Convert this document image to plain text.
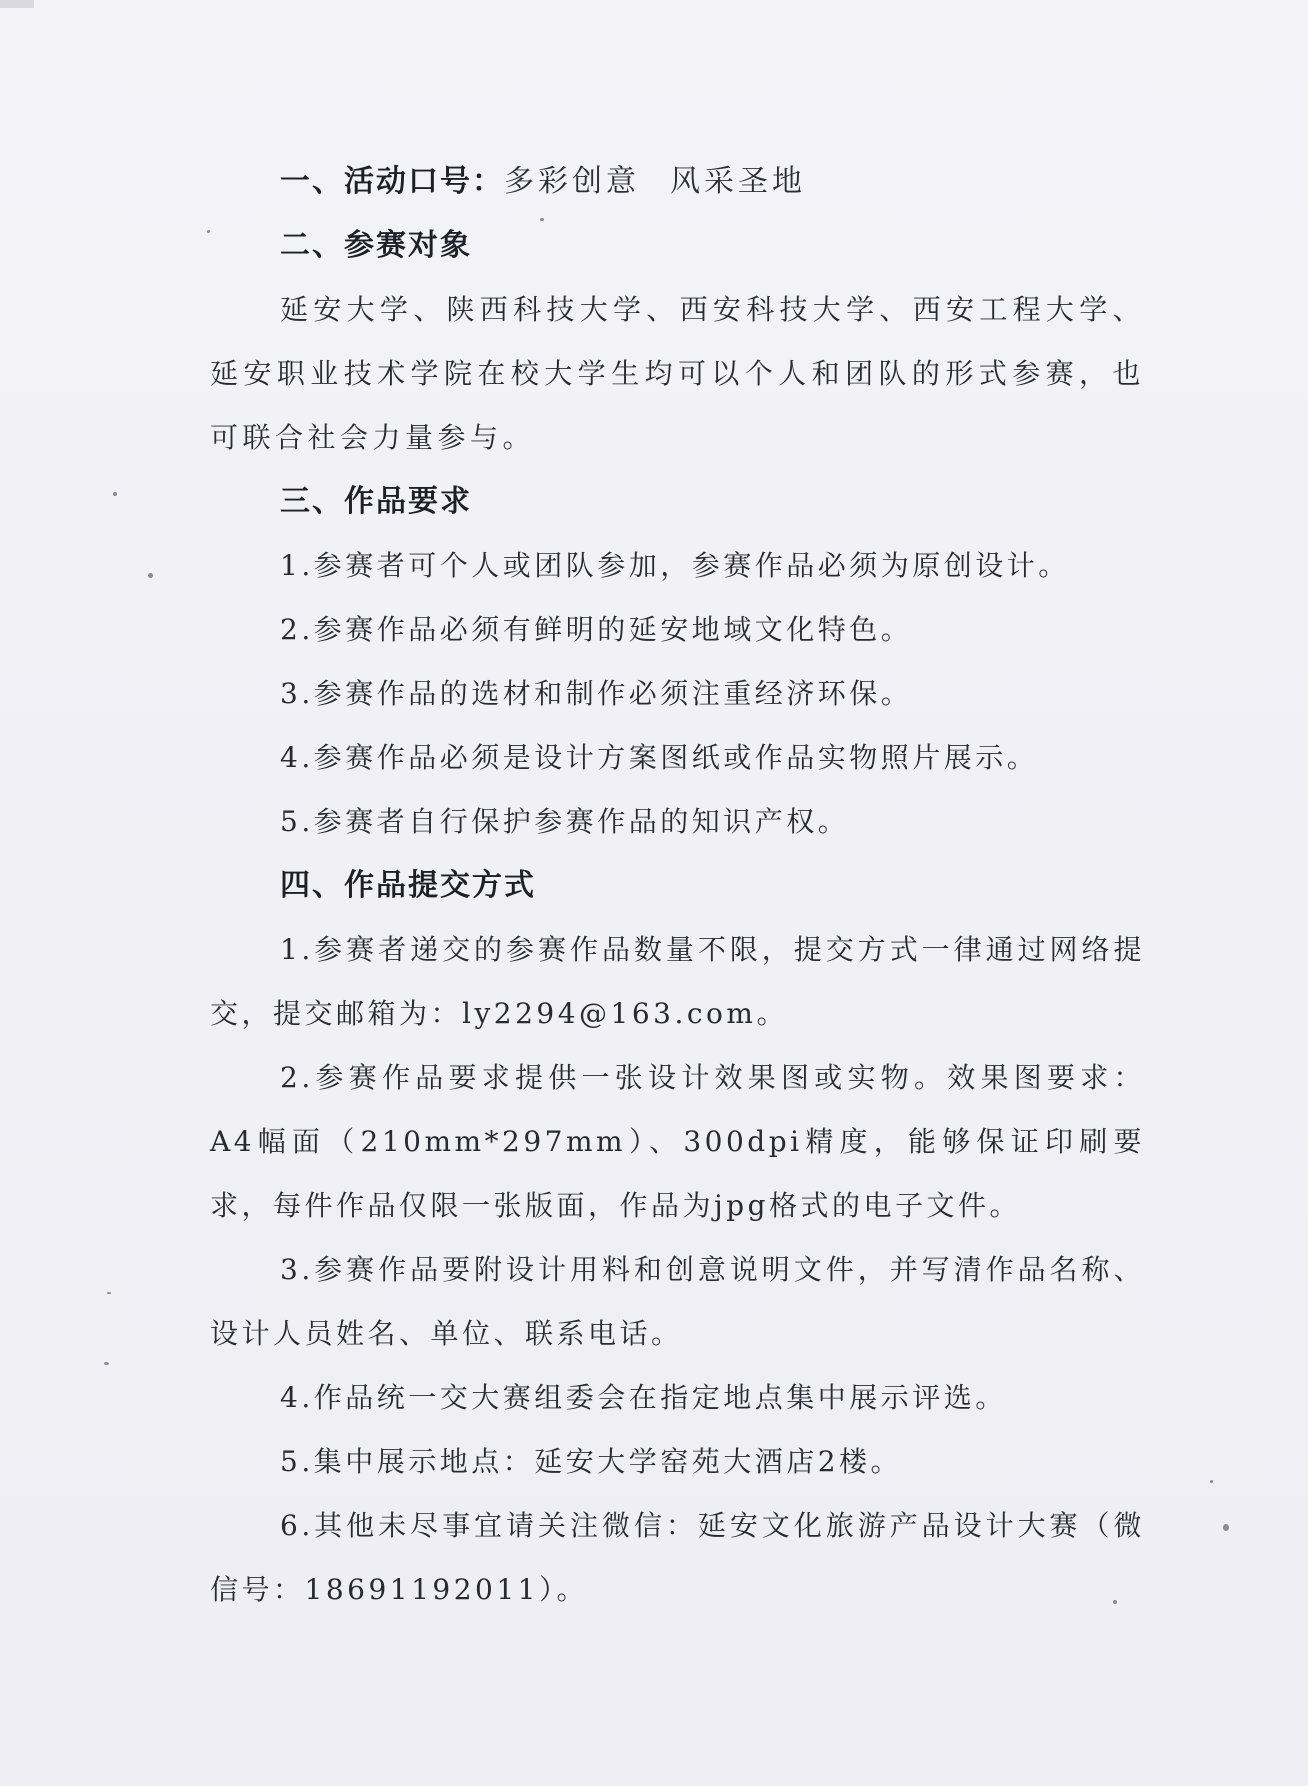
一、活动口号：多彩创意 风采圣地
二、参赛对象

延安大学、陕西科技大学、西安科技大学、西安工程大学、延安职业技术学院在校大学生均可以个人和团队的形式参赛，也可联合社会力量参与。

三、作品要求

1.参赛者可个人或团队参加，参赛作品必须为原创设计。

2.参赛作品必须有鲜明的延安地域文化特色。

3.参赛作品的选材和制作必须注重经济环保。

4.参赛作品必须是设计方案图纸或作品实物照片展示。

5.参赛者自行保护参赛作品的知识产权。

四、作品提交方式

1.参赛者递交的参赛作品数量不限，提交方式一律通过网络提交，提交邮箱为：ly2294@163.com。

2.参赛作品要求提供一张设计效果图或实物。效果图要求：A4幅面（210mm*297mm）、300dpi精度，能够保证印刷要求，每件作品仅限一张版面，作品为jpg格式的电子文件。

3.参赛作品要附设计用料和创意说明文件，并写清作品名称、设计人员姓名、单位、联系电话。

4.作品统一交大赛组委会在指定地点集中展示评选。

5.集中展示地点：延安大学窑苑大酒店2楼。

6.其他未尽事宜请关注微信：延安文化旅游产品设计大赛（微信号：18691192011）。
